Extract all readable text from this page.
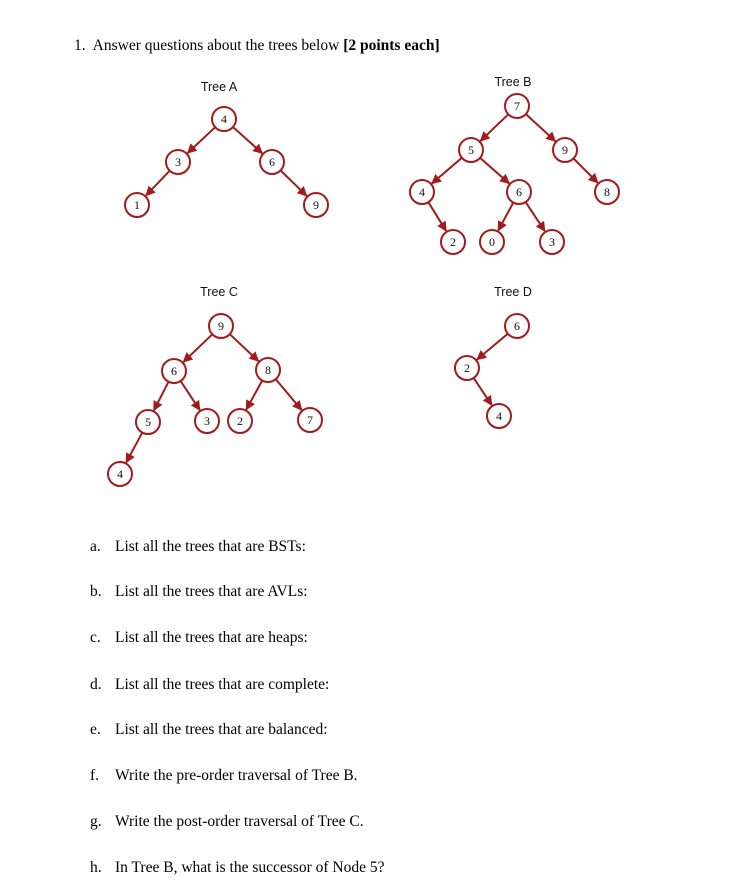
1. Answer questions about the trees below [2 points each]
4
3	6
1	9
7
5	9
4	6	8
2	0	3
9
6	8
5	3 2	7
4
6
2
4
Tree A	Tree B
Tree C	Tree D
a. List all the trees that are BSTs:
b. List all the trees that are AVLs:
c. List all the trees that are heaps:
d. List all the trees that are complete:
e. List all the trees that are balanced:
f. Write the pre-order traversal of Tree B.
g. Write the post-order traversal of Tree C.
h. In Tree B, what is the successor of Node 5?
